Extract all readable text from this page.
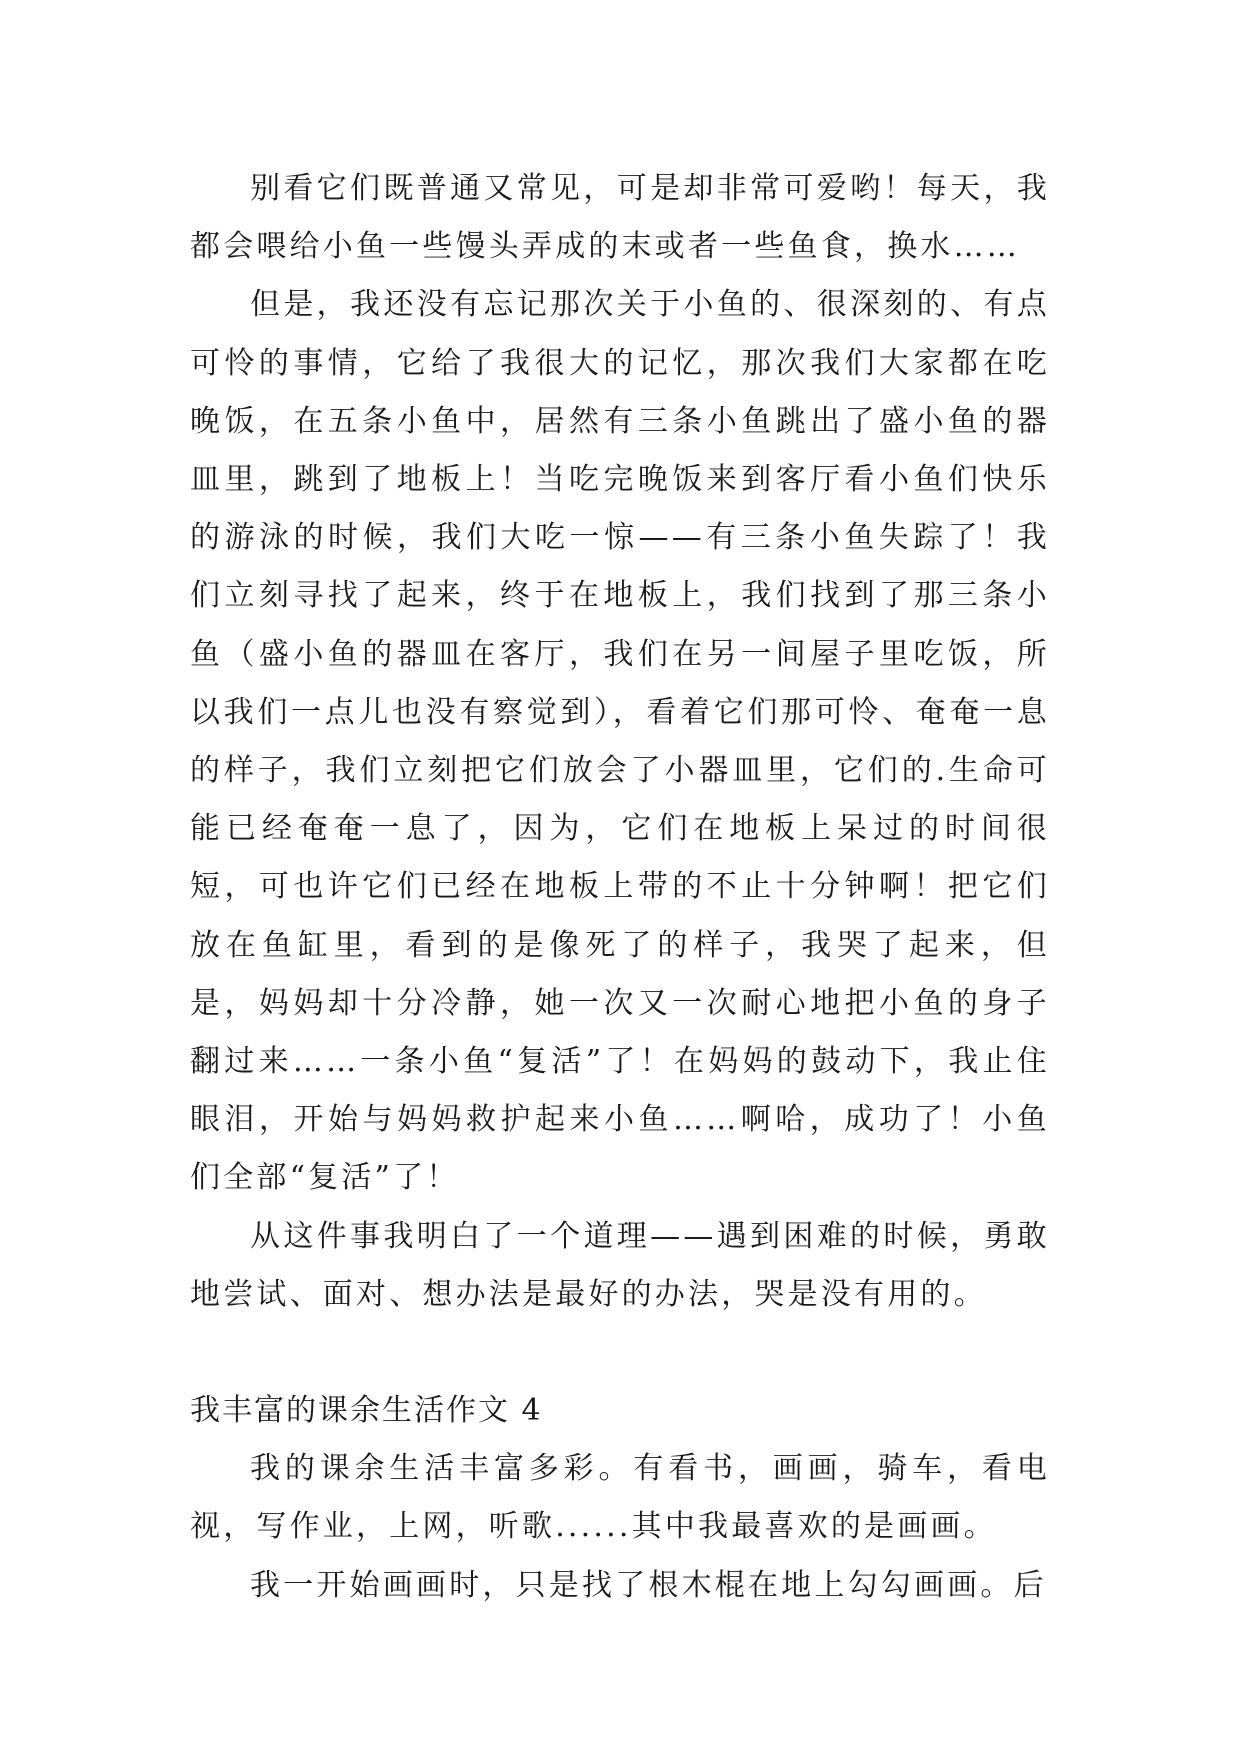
别看它们既普通又常见，可是却非常可爱哟！每天，我都会喂给小鱼一些馒头弄成的末或者一些鱼食，换水……

但是，我还没有忘记那次关于小鱼的、很深刻的、有点可怜的事情，它给了我很大的记忆，那次我们大家都在吃晚饭，在五条小鱼中，居然有三条小鱼跳出了盛小鱼的器皿里，跳到了地板上！当吃完晚饭来到客厅看小鱼们快乐的游泳的时候，我们大吃一惊——有三条小鱼失踪了！我们立刻寻找了起来，终于在地板上，我们找到了那三条小鱼（盛小鱼的器皿在客厅，我们在另一间屋子里吃饭，所以我们一点儿也没有察觉到），看着它们那可怜、奄奄一息的样子，我们立刻把它们放会了小器皿里，它们的.生命可能已经奄奄一息了，因为，它们在地板上呆过的时间很短，可也许它们已经在地板上带的不止十分钟啊！把它们放在鱼缸里，看到的是像死了的样子，我哭了起来，但是，妈妈却十分冷静，她一次又一次耐心地把小鱼的身子翻过来……一条小鱼“复活”了！在妈妈的鼓动下，我止住眼泪，开始与妈妈救护起来小鱼……啊哈，成功了！小鱼们全部“复活”了！

从这件事我明白了一个道理——遇到困难的时候，勇敢地尝试、面对、想办法是最好的办法，哭是没有用的。

我丰富的课余生活作文 4

我的课余生活丰富多彩。有看书，画画，骑车，看电视，写作业，上网，听歌......其中我最喜欢的是画画。

我一开始画画时，只是找了根木棍在地上勾勾画画。后
